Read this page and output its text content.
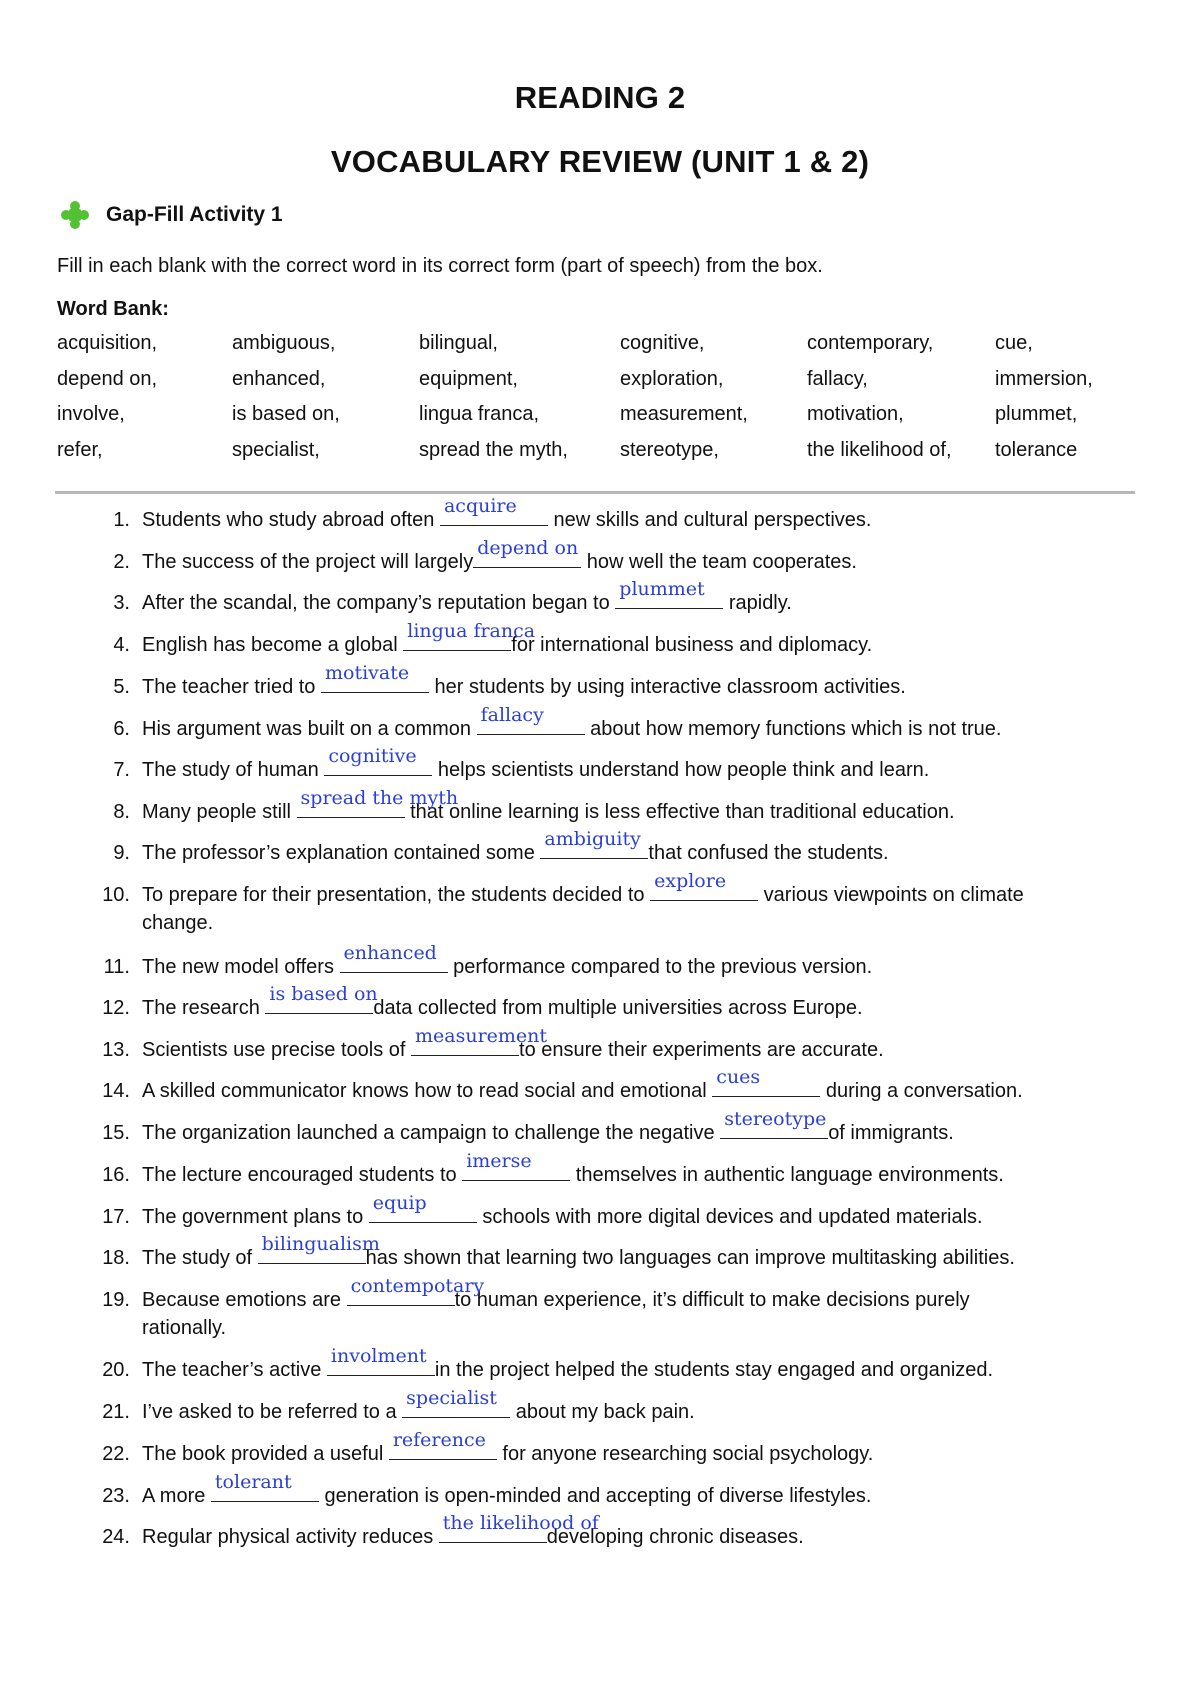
READING 2
VOCABULARY REVIEW (UNIT 1 & 2)
Gap-Fill Activity 1
Fill in each blank with the correct word in its correct form (part of speech) from the box.
Word Bank:
acquisition,
depend on,
involve,
refer,
ambiguous,
enhanced,
is based on,
specialist,
bilingual,
equipment,
lingua franca,
spread the myth,
cognitive,
exploration,
measurement,
stereotype,
contemporary,
fallacy,
motivation,
the likelihood of,
cue,
immersion,
plummet,
tolerance
1. Students who study abroad often
acquire
new skills and cultural perspectives.
2. The success of the project will largely
depend on
how well the team cooperates.
3. After the scandal, the company’s reputation began to
plummet
rapidly.
4. English has become a global
lingua franca
for international business and diplomacy.
5. The teacher tried to
motivate
her students by using interactive classroom activities.
6. His argument was built on a common
fallacy
about how memory functions which is not true.
7. The study of human
cognitive
helps scientists understand how people think and learn.
8. Many people still
spread the myth
that online learning is less effective than traditional education.
9. The professor’s explanation contained some
ambiguity
that confused the students.
10. To prepare for their presentation, the students decided to
explore
various viewpoints on climate
change.
11. The new model offers
enhanced
performance compared to the previous version.
12. The research
is based on
data collected from multiple universities across Europe.
13. Scientists use precise tools of
measurement
to ensure their experiments are accurate.
14. A skilled communicator knows how to read social and emotional
cues
during a conversation.
15. The organization launched a campaign to challenge the negative
stereotype
of immigrants.
16. The lecture encouraged students to
imerse
themselves in authentic language environments.
17. The government plans to
equip
schools with more digital devices and updated materials.
18. The study of
bilingualism
has shown that learning two languages can improve multitasking abilities.
19. Because emotions are
contempotary
to human experience, it’s difficult to make decisions purely
rationally.
20. The teacher’s active
involment
in the project helped the students stay engaged and organized.
21. I’ve asked to be referred to a
specialist
about my back pain.
22. The book provided a useful
reference
for anyone researching social psychology.
23. A more
tolerant
generation is open-minded and accepting of diverse lifestyles.
24. Regular physical activity reduces
the likelihood of
developing chronic diseases.
